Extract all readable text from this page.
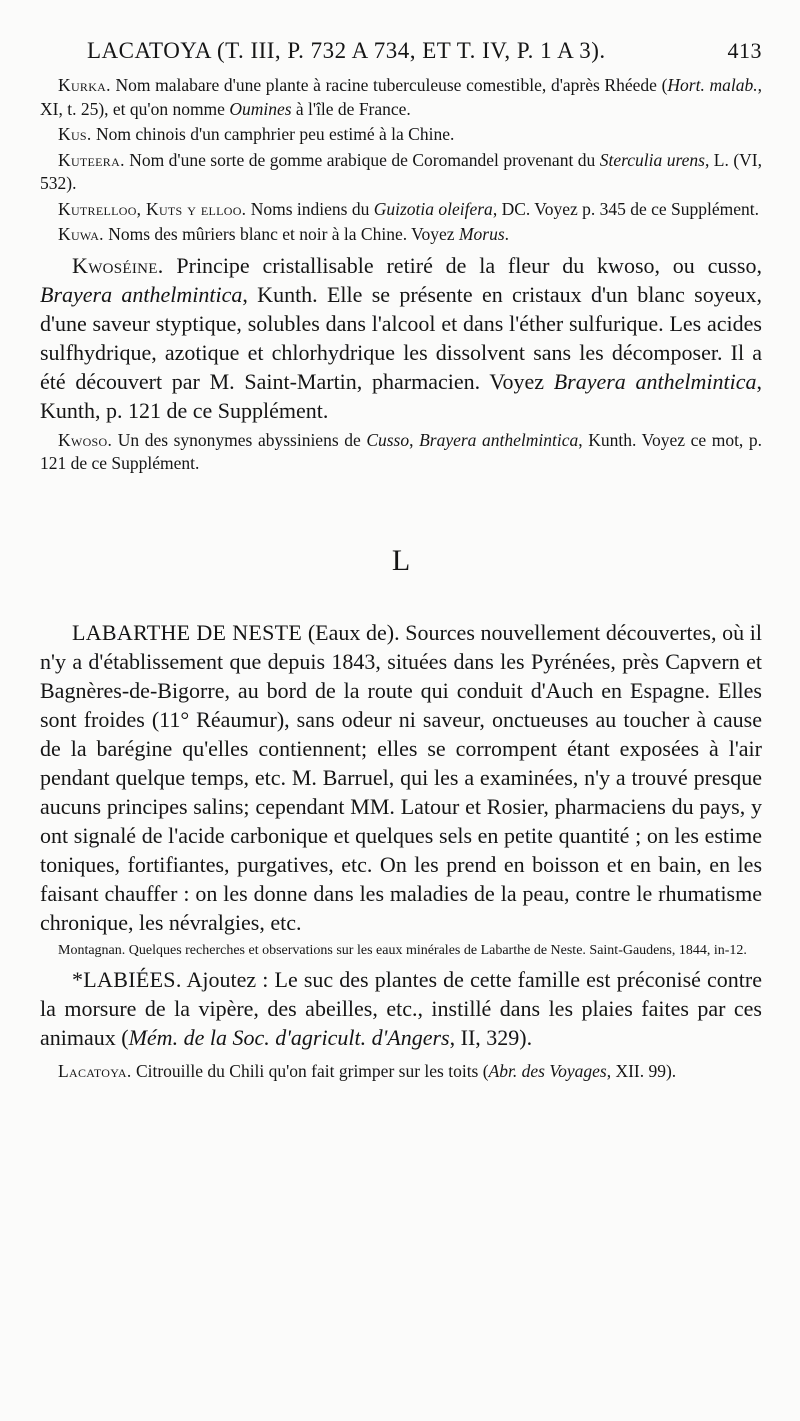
LACATOYA (T. III, P. 732 A 734, ET T. IV, P. 1 A 3).	413

Kurka. Nom malabare d'une plante à racine tuberculeuse comestible, d'après Rhéede (Hort. malab., XI, t. 25), et qu'on nomme Oumines à l'île de France.

Kus. Nom chinois d'un camphrier peu estimé à la Chine.

Kuteera. Nom d'une sorte de gomme arabique de Coromandel provenant du Sterculia urens, L. (VI, 532).

Kutrelloo, Kuts y elloo. Noms indiens du Guizotia oleifera, DC. Voyez p. 345 de ce Supplément.

Kuwa. Noms des mûriers blanc et noir à la Chine. Voyez Morus.

Kwoséine. Principe cristallisable retiré de la fleur du kwoso, ou cusso, Brayera anthelmintica, Kunth. Elle se présente en cristaux d'un blanc soyeux, d'une saveur styptique, solubles dans l'alcool et dans l'éther sulfurique. Les acides sulfhydrique, azotique et chlorhydrique les dissolvent sans les décomposer. Il a été découvert par M. Saint-Martin, pharmacien. Voyez Brayera anthelmintica, Kunth, p. 121 de ce Supplément.

Kwoso. Un des synonymes abyssiniens de Cusso, Brayera anthelmintica, Kunth. Voyez ce mot, p. 121 de ce Supplément.

L

LABARTHE DE NESTE (Eaux de). Sources nouvellement découvertes, où il n'y a d'établissement que depuis 1843, situées dans les Pyrénées, près Capvern et Bagnères-de-Bigorre, au bord de la route qui conduit d'Auch en Espagne. Elles sont froides (11° Réaumur), sans odeur ni saveur, onctueuses au toucher à cause de la barégine qu'elles contiennent; elles se corrompent étant exposées à l'air pendant quelque temps, etc. M. Barruel, qui les a examinées, n'y a trouvé presque aucuns principes salins; cependant MM. Latour et Rosier, pharmaciens du pays, y ont signalé de l'acide carbonique et quelques sels en petite quantité ; on les estime toniques, fortifiantes, purgatives, etc. On les prend en boisson et en bain, en les faisant chauffer : on les donne dans les maladies de la peau, contre le rhumatisme chronique, les névralgies, etc.

Montagnan. Quelques recherches et observations sur les eaux minérales de Labarthe de Neste. Saint-Gaudens, 1844, in-12.

*LABIÉES. Ajoutez : Le suc des plantes de cette famille est préconisé contre la morsure de la vipère, des abeilles, etc., instillé dans les plaies faites par ces animaux (Mém. de la Soc. d'agricult. d'Angers, II, 329).

Lacatoya. Citrouille du Chili qu'on fait grimper sur les toits (Abr. des Voyages, XII. 99).
